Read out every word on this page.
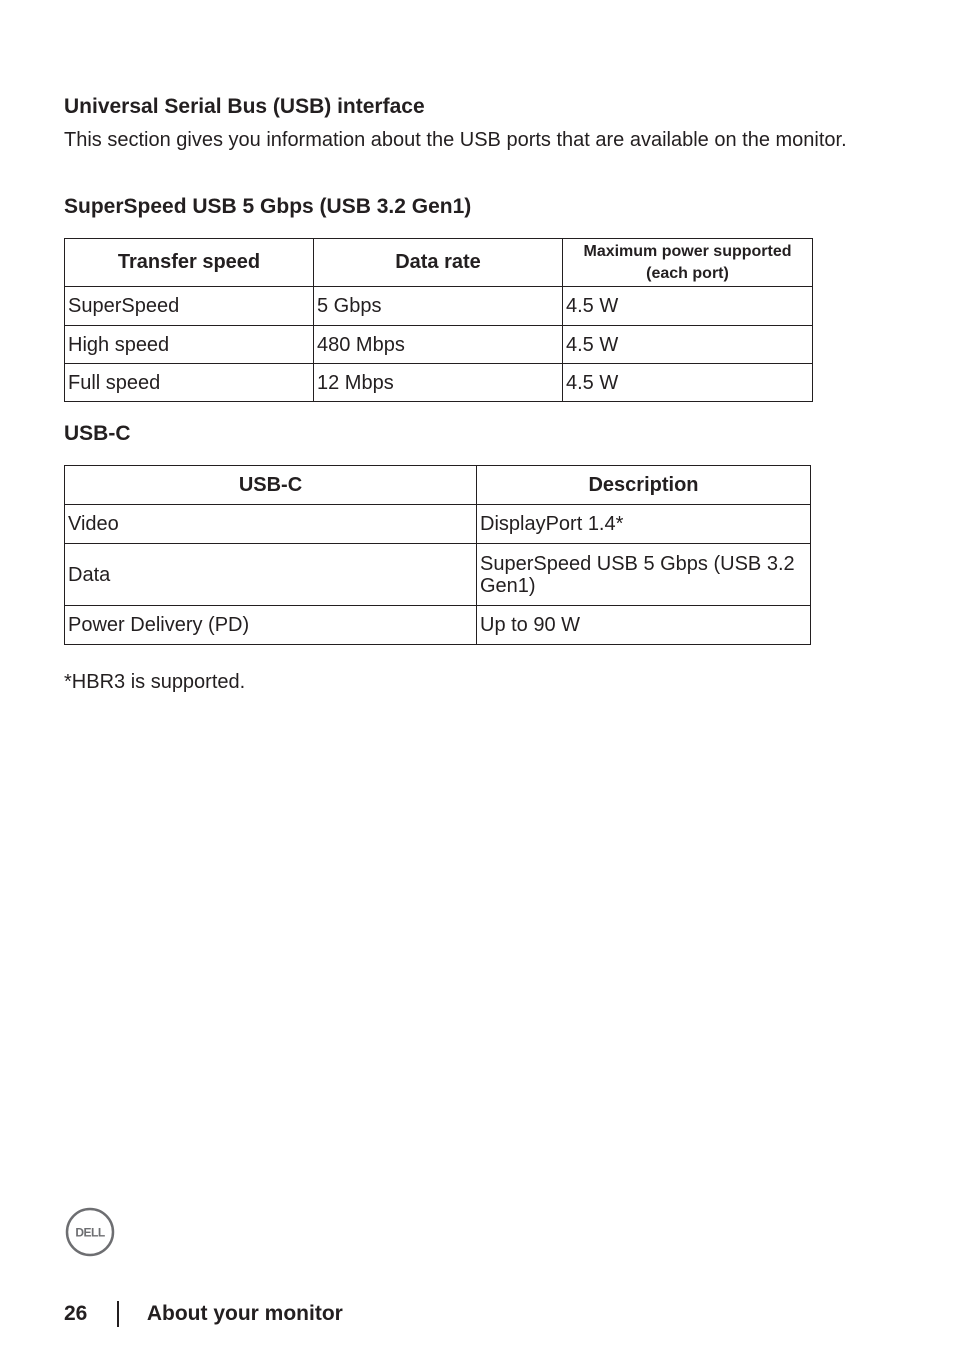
Universal Serial Bus (USB) interface

This section gives you information about the USB ports that are available on the monitor.

SuperSpeed USB 5 Gbps (USB 3.2 Gen1)
Transfer speed	Data rate	Maximum power supported (each port)
SuperSpeed	5 Gbps	4.5 W
High speed	480 Mbps	4.5 W
Full speed	12 Mbps	4.5 W
USB-C
USB-C	Description
Video	DisplayPort 1.4*
Data	SuperSpeed USB 5 Gbps (USB 3.2 Gen1)
Power Delivery (PD)	Up to 90 W

*HBR3 is supported.

DELL
26	About your monitor
